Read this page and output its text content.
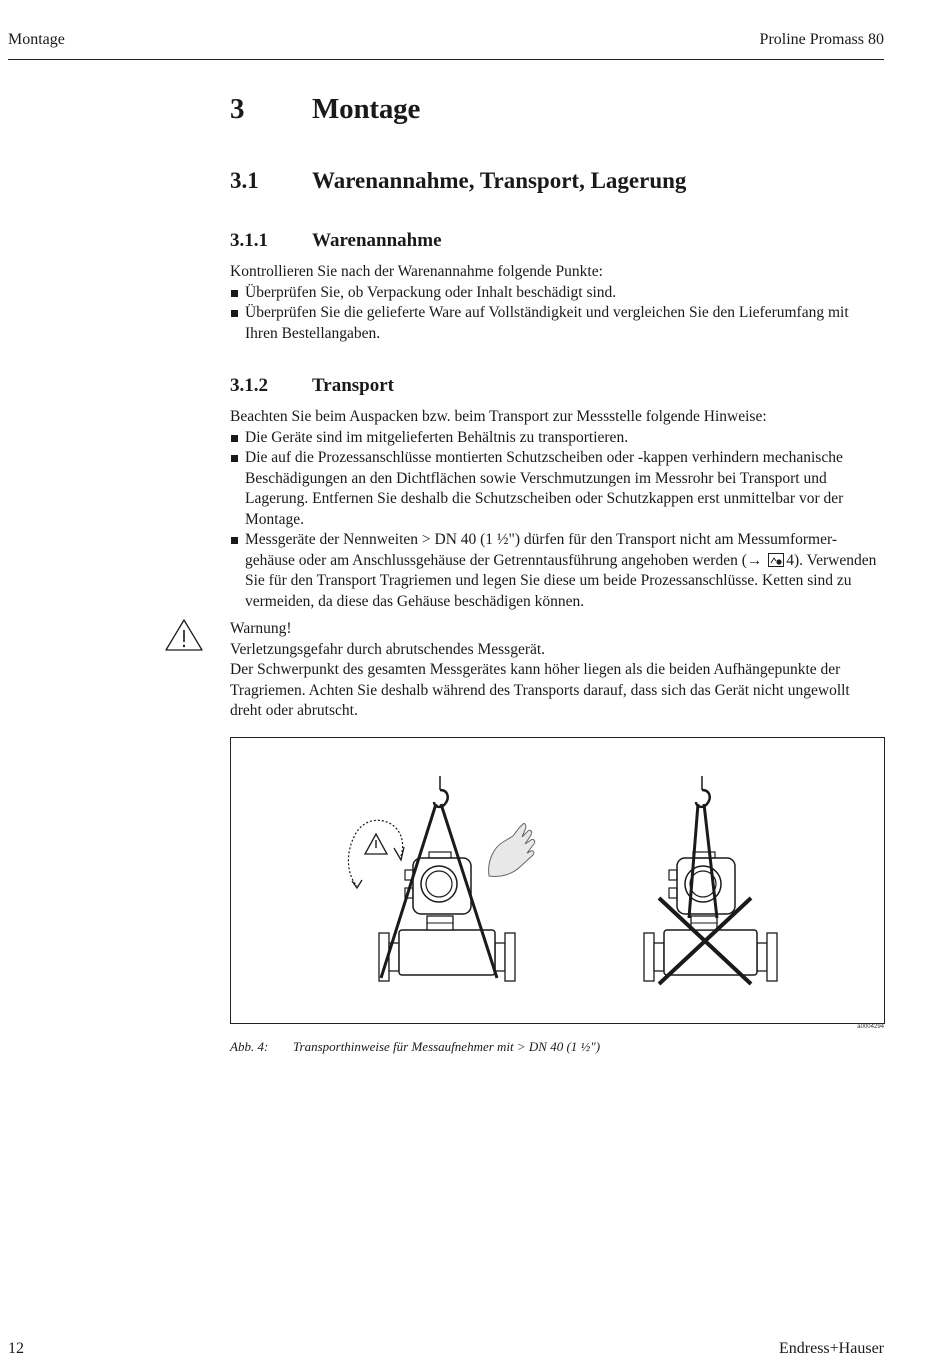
Montage	Proline Promass 80
3 Montage
3.1 Warenannahme, Transport, Lagerung
3.1.1 Warenannahme
Kontrollieren Sie nach der Warenannahme folgende Punkte:
Überprüfen Sie, ob Verpackung oder Inhalt beschädigt sind.
Überprüfen Sie die gelieferte Ware auf Vollständigkeit und vergleichen Sie den Lieferumfang mit Ihren Bestellangaben.
3.1.2 Transport
Beachten Sie beim Auspacken bzw. beim Transport zur Messstelle folgende Hinweise:
Die Geräte sind im mitgelieferten Behältnis zu transportieren.
Die auf die Prozessanschlüsse montierten Schutzscheiben oder -kappen verhindern mechanische Beschädigungen an den Dichtflächen sowie Verschmutzungen im Messrohr bei Transport und Lagerung. Entfernen Sie deshalb die Schutzscheiben oder Schutzkappen erst unmittelbar vor der Montage.
Messgeräte der Nennweiten > DN 40 (1 ½") dürfen für den Transport nicht am Messumformer-gehäuse oder am Anschlussgehäuse der Getrenntausführung angehoben werden (→ 4). Verwenden Sie für den Transport Tragriemen und legen Sie diese um beide Prozessanschlüsse. Ketten sind zu vermeiden, da diese das Gehäuse beschädigen können.
Warnung!
Verletzungsgefahr durch abrutschendes Messgerät.
Der Schwerpunkt des gesamten Messgerätes kann höher liegen als die beiden Aufhängepunkte der Tragriemen. Achten Sie deshalb während des Transports darauf, dass sich das Gerät nicht ungewollt dreht oder abrutscht.
a0004294
Abb. 4: Transporthinweise für Messaufnehmer mit > DN 40 (1 ½")
12	Endress+Hauser
